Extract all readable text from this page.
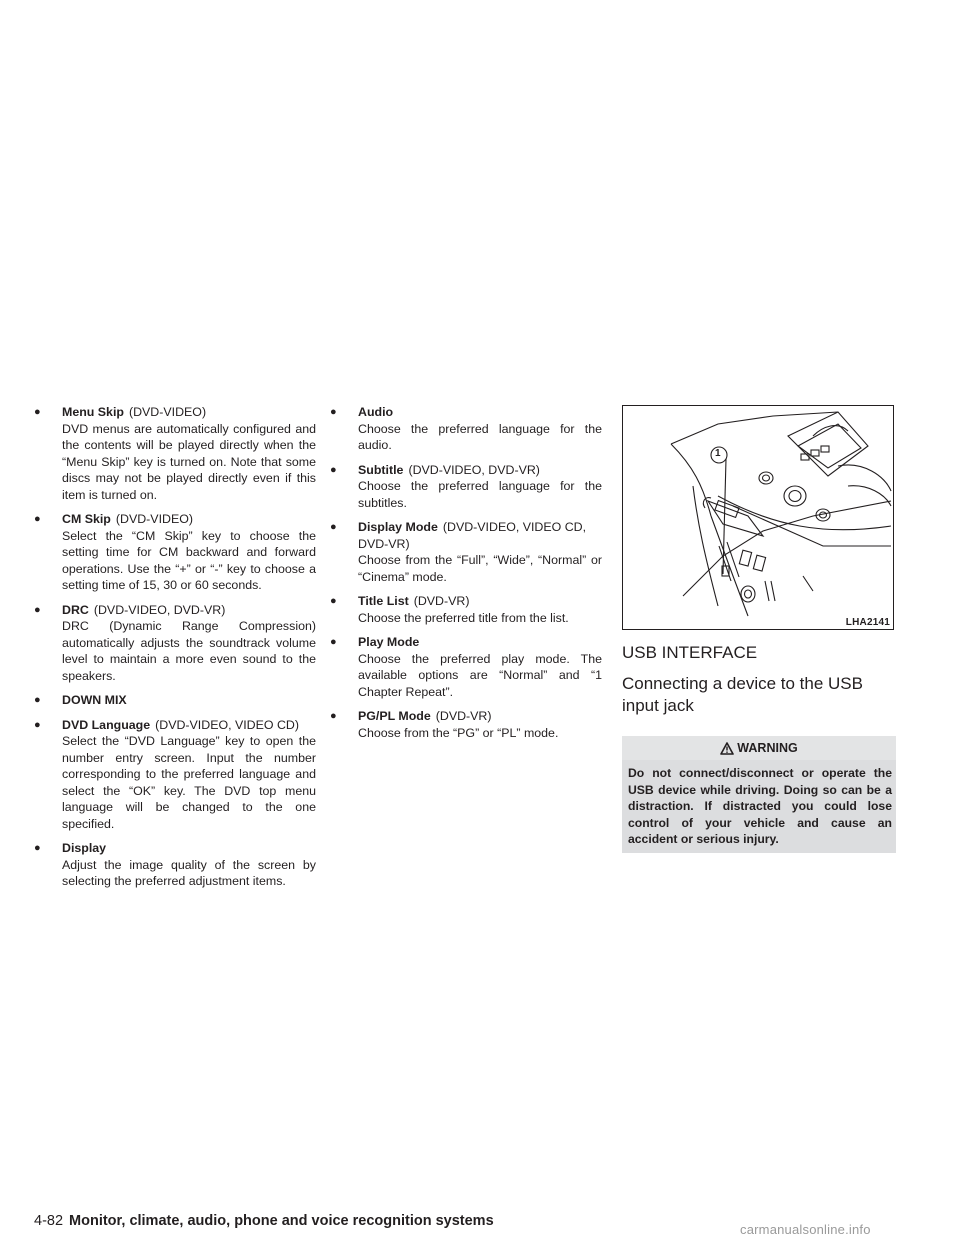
● Menu Skip (DVD-VIDEO)
DVD menus are automatically configured and the contents will be played directly when the “Menu Skip” key is turned on. Note that some discs may not be played directly even if this item is turned on.
● CM Skip (DVD-VIDEO)
Select the “CM Skip” key to choose the setting time for CM backward and forward operations. Use the “+” or “-” key to choose a setting time of 15, 30 or 60 seconds.
● DRC (DVD-VIDEO, DVD-VR)
DRC (Dynamic Range Compression) automatically adjusts the soundtrack volume level to maintain a more even sound to the speakers.
● DOWN MIX
● DVD Language (DVD-VIDEO, VIDEO CD)
Select the “DVD Language” key to open the number entry screen. Input the number corresponding to the preferred language and select the “OK” key. The DVD top menu language will be changed to the one specified.
● Display
Adjust the image quality of the screen by selecting the preferred adjustment items.
● Audio
Choose the preferred language for the audio.
● Subtitle (DVD-VIDEO, DVD-VR)
Choose the preferred language for the subtitles.
● Display Mode (DVD-VIDEO, VIDEO CD, DVD-VR)
Choose from the “Full”, “Wide”, “Normal” or “Cinema” mode.
● Title List (DVD-VR)
Choose the preferred title from the list.
● Play Mode
Choose the preferred play mode. The available options are “Normal” and “1 Chapter Repeat”.
● PG/PL Mode (DVD-VR)
Choose from the “PG” or “PL” mode.
1
LHA2141
USB INTERFACE
Connecting a device to the USB input jack
WARNING
Do not connect/disconnect or operate the USB device while driving. Doing so can be a distraction. If distracted you could lose control of your vehicle and cause an accident or serious injury.
4-82 Monitor, climate, audio, phone and voice recognition systems
carmanualsonline.info
